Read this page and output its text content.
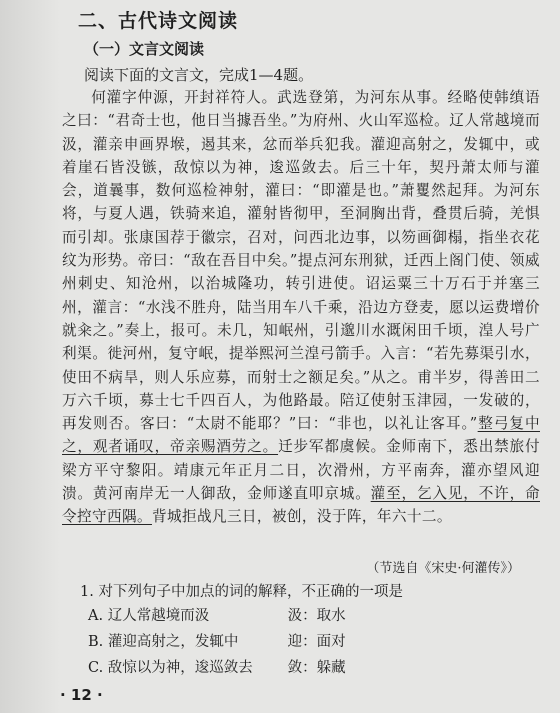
二、古代诗文阅读
（一）文言文阅读
阅读下面的文言文，完成1—4题。

何灌字仲源，开封祥符人。武选登第，为河东从事。经略使韩缜语之曰：“君奇士也，他日当據吾坐。”为府州、火山军巡检。辽人常越境而汲，灌亲申画界堠，遏其来，忿而举兵犯我。灌迎高射之，发辄中，或着崖石皆没镞，敌惊以为神，逡巡敛去。后三十年，契丹萧太师与灌会，道曩事，数何巡检神射，灌曰：“即灌是也。”萧矍然起拜。为河东将，与夏人遇，铁骑来追，灌射皆彻甲，至洞胸出背，叠贯后骑，羌惧而引却。张康国荐于徽宗，召对，问西北边事，以笏画御榻，指坐衣花纹为形势。帝曰：“敌在吾目中矣。”提点河东刑狱，迁西上阁门使、领威州刺史、知沧州，以治城隆功，转引进使。诏运粟三十万石于并塞三州，灌言：“水浅不胜舟，陆当用车八千乘，沿边方登麦，愿以运费增价就籴之。”奏上，报可。未几，知岷州，引邈川水溉闲田千顷，湟人号广利渠。徙河州，复守岷，提举熙河兰湟弓箭手。入言：“若先募渠引水，使田不病旱，则人乐应募，而射士之额足矣。”从之。甫半岁，得善田二万六千顷，募士七千四百人，为他路最。陪辽使射玉津园，一发破的，再发则否。客曰：“太尉不能耶？”曰：“非也，以礼让客耳。”整弓复中之，观者诵叹，帝亲赐酒劳之。迁步军都虞候。金师南下，悉出禁旅付梁方平守黎阳。靖康元年正月二日，次滑州，方平南奔，灌亦望风迎溃。黄河南岸无一人御敌，金师遂直叩京城。灌至，乞入见，不许，命令控守西隅。背城拒战凡三日，被创，没于阵，年六十二。

（节选自《宋史·何灌传》）
1. 对下列句子中加点的词的解释，不正确的一项是
A. 辽人常越境而汲	汲：取水
B. 灌迎高射之，发辄中	迎：面对
C. 敌惊以为神，逡巡敛去 敛：躲藏
· 12 ·
